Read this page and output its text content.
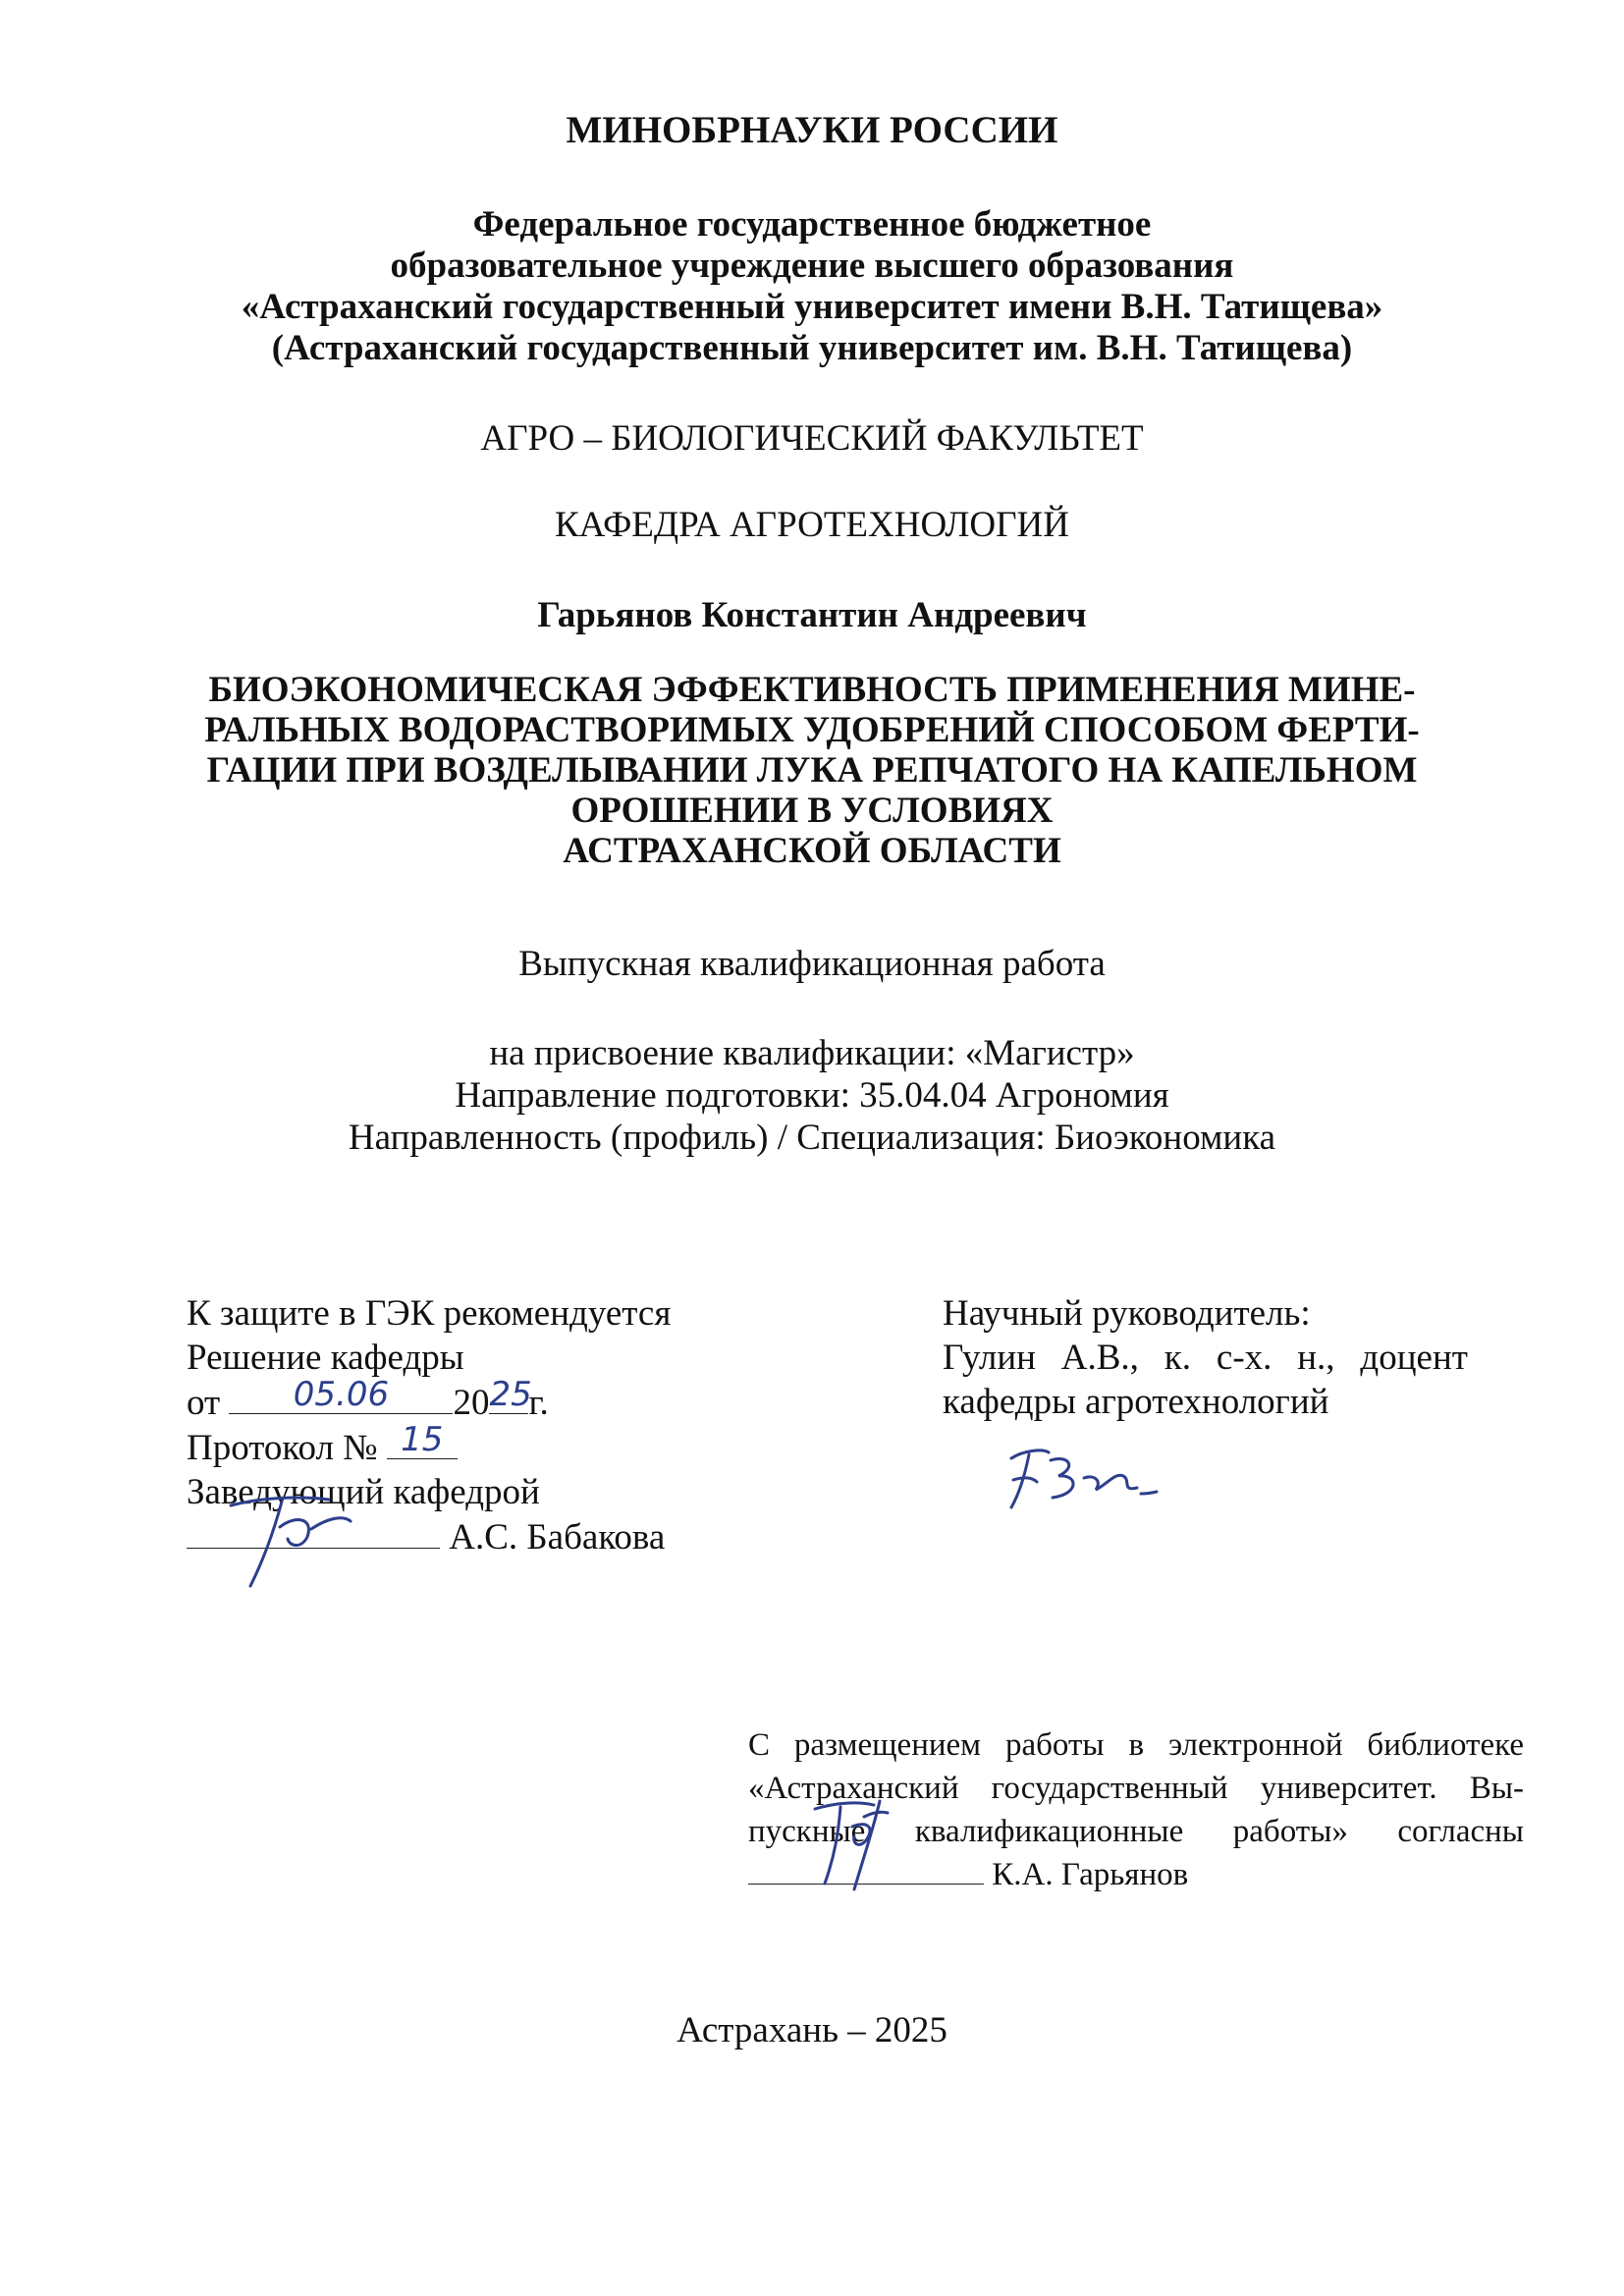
МИНОБРНАУКИ РОССИИ
Федеральное государственное бюджетное
образовательное учреждение высшего образования
«Астраханский государственный университет имени В.Н. Татищева»
(Астраханский государственный университет им. В.Н. Татищева)
АГРО – БИОЛОГИЧЕСКИЙ ФАКУЛЬТЕТ
КАФЕДРА АГРОТЕХНОЛОГИЙ
Гарьянов Константин Андреевич
БИОЭКОНОМИЧЕСКАЯ ЭФФЕКТИВНОСТЬ ПРИМЕНЕНИЯ МИНЕ-
РАЛЬНЫХ ВОДОРАСТВОРИМЫХ УДОБРЕНИЙ СПОСОБОМ ФЕРТИ-
ГАЦИИ ПРИ ВОЗДЕЛЫВАНИИ ЛУКА РЕПЧАТОГО НА КАПЕЛЬНОМ
ОРОШЕНИИ В УСЛОВИЯХ
АСТРАХАНСКОЙ ОБЛАСТИ
Выпускная квалификационная работа
на присвоение квалификации: «Магистр»
Направление подготовки: 35.04.04 Агрономия
Направленность (профиль) / Специализация: Биоэкономика
К защите в ГЭК рекомендуется
Решение кафедры
от	05.06	20 25
г.
Протокол № 15
Заведующий кафедрой
А.С. Бабакова
Научный руководитель:
Гулин А.В., к. с-х. н., доцент
кафедры агротехнологий
С размещением работы в электронной библиотеке
«Астраханский государственный университет. Вы-
пускные квалификационные работы» согласны
К.А. Гарьянов
Астрахань – 2025
